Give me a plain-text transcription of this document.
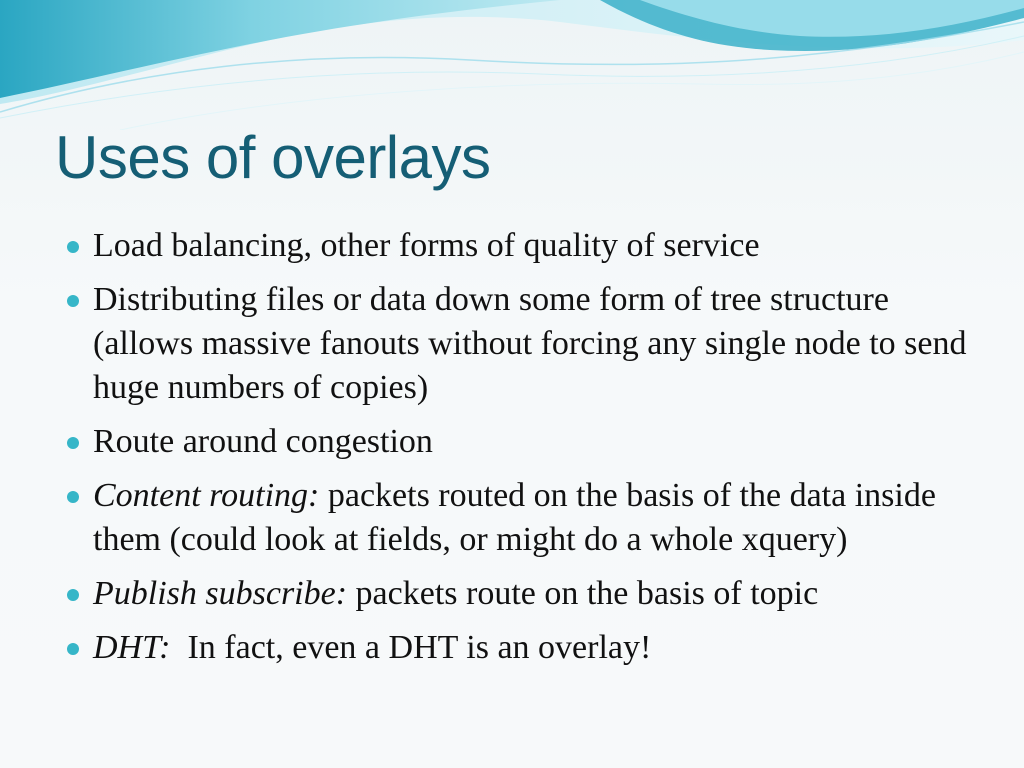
Uses of overlays
Load balancing, other forms of quality of service
Distributing files or data down some form of tree structure (allows massive fanouts without forcing any single node to send huge numbers of copies)
Route around congestion
Content routing: packets routed on the basis of the data inside them (could look at fields, or might do a whole xquery)
Publish subscribe: packets route on the basis of topic
DHT:  In fact, even a DHT is an overlay!
